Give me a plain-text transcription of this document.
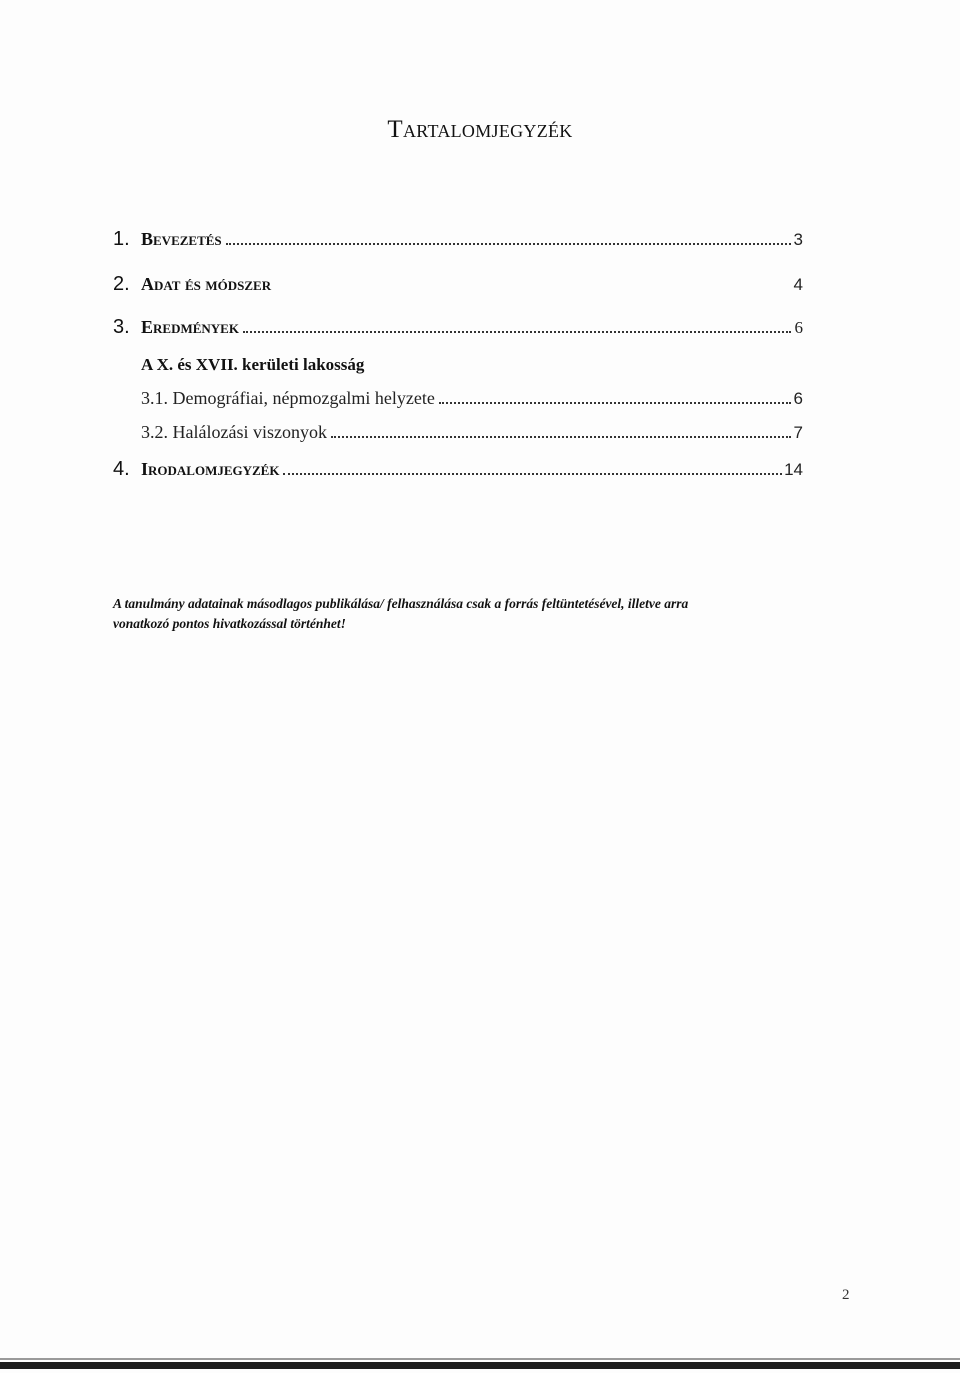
Tartalomjegyzék
1. Bevezetés	3
2. Adat és módszer	4
3. Eredmények	6
A X. és XVII. kerületi lakosság
3.1. Demográfiai, népmozgalmi helyzete	6
3.2. Halálozási viszonyok	7
4. Irodalomjegyzék	14
A tanulmány adatainak másodlagos publikálása/ felhasználása csak a forrás feltüntetésével, illetve arra
vonatkozó pontos hivatkozással történhet!
2
